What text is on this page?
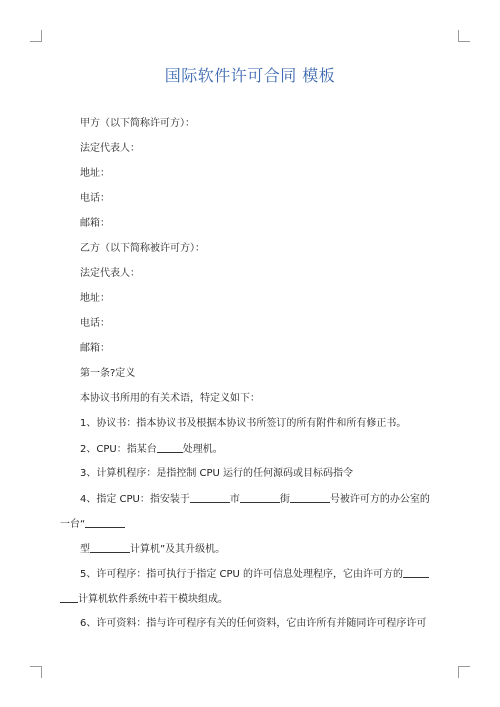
国际软件许可合同 模板
甲方（以下简称许可方）：
法定代表人：
地址：
电话：
邮箱：
乙方（以下简称被许可方）：
法定代表人：
地址：
电话：
邮箱：
第一条?定义
本协议书所用的有关术语，特定义如下：
1、协议书：指本协议书及根据本协议书所签订的所有附件和所有修正书。
2、CPU：指某台	处理机。
3、计算机程序：是指控制 CPU 运行的任何源码或目标码指令
4、指定 CPU：指安装于	市	街	号被许可方的办公室的
一台“
型	计算机”及其升级机。
5、许可程序：指可执行于指定 CPU 的许可信息处理程序，它由许可方的
计算机软件系统中若干模块组成。
6、许可资料：指与许可程序有关的任何资料，它由许所有并随同许可程序许可
